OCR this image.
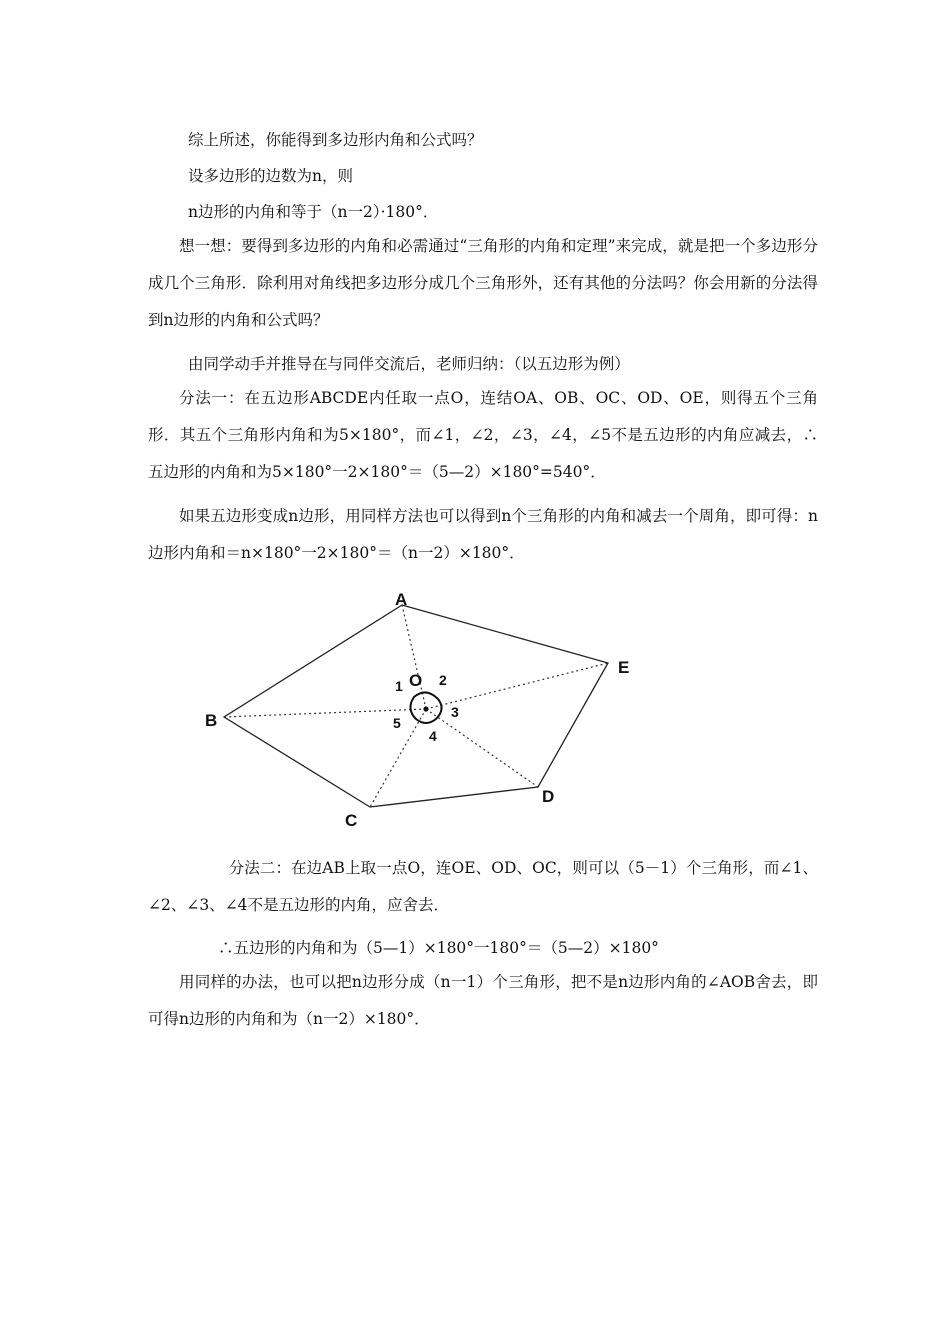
综上所述，你能得到多边形内角和公式吗？

设多边形的边数为n，则

n边形的内角和等于（n一2）·180°．

想一想：要得到多边形的内角和必需通过“三角形的内角和定理”来完成，就是把一个多边形分成几个三角形．除利用对角线把多边形分成几个三角形外，还有其他的分法吗？你会用新的分法得到n边形的内角和公式吗？

由同学动手并推导在与同伴交流后，老师归纳：（以五边形为例）

分法一：在五边形ABCDE内任取一点O，连结OA、OB、OC、OD、OE，则得五个三角形．其五个三角形内角和为5×180°，而∠1，∠2，∠3，∠4，∠5不是五边形的内角应减去，∴五边形的内角和为5×180°一2×180°＝（5—2）×180°=540°．

如果五边形变成n边形，用同样方法也可以得到n个三角形的内角和减去一个周角，即可得：n边形内角和＝n×180°一2×180°＝（n一2）×180°．

A
B
C
D
E
O
1	2
3
4
5

分法二：在边AB上取一点O，连OE、OD、OC，则可以（5－1）个三角形，而∠1、∠2、∠3、∠4不是五边形的内角，应舍去．

∴五边形的内角和为（5—1）×180°一180°＝（5—2）×180°

用同样的办法，也可以把n边形分成（n一1）个三角形，把不是n边形内角的∠AOB舍去，即可得n边形的内角和为（n一2）×180°．
